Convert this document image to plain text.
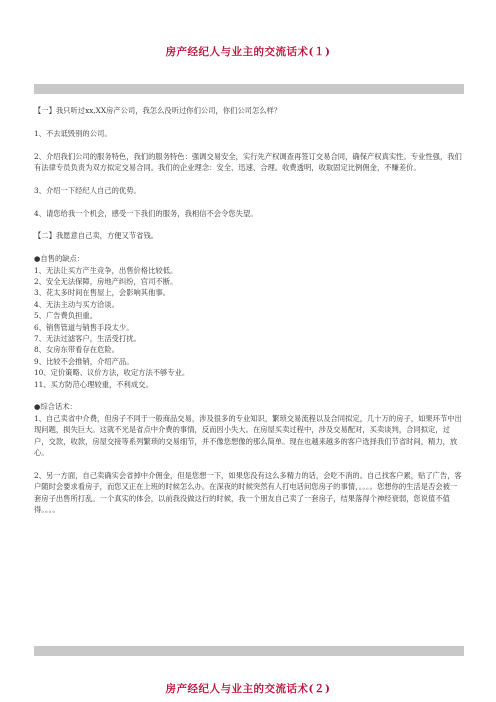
房产经纪人与业主的交流话术(１)

【一】我只听过xx,XX房产公司，我怎么没听过你们公司，你们公司怎么样？

1、不去诋毁别的公司。

2、介绍我们公司的服务特色，我们的服务特色：强调交易安全，实行先产权调查再签订交易合同，确保产权真实性。专业性强，我们有法律专员负责为双方拟定交易合同。我们的企业理念：安全、迅速、合理。收费透明，收取固定比例佣金，不赚差价。

3、介绍一下经纪人自己的优势。

4、请您给我一个机会，感受一下我们的服务，我相信不会令您失望。

【二】我愿意自己卖，方便又节省钱。

●自售的缺点：

1、无法让买方产生竞争，出售价格比较低。

2、安全无法保障，房地产纠纷，官司不断。

3、花太多时间在售屋上，会影响其他事。

4、无法主动与买方洽谈。

5、广告费负担重。

6、销售管道与销售手段太少。

7、无法过滤客户，生活受打扰。

8、女房东带看存在危险。

9、比较不会推销，介绍产品。

10、定价策略、议价方法，收定方法不够专业。

11、买方防范心理较重，不利成交。

●综合话术：

1、自己卖省中介费，但房子不同于一般商品交易，涉及很多的专业知识，繁琐交易流程以及合同拟定，几十万的房子，如果环节中出现问题，损失巨大。这就不光是省点中介费的事情，反而因小失大。在房屋买卖过程中，涉及交易配对，买卖谈判，合同拟定，过户，交款，收款，房屋交接等系列繁琐的交易细节，并不像您想像的那么简单。现在也越来越多的客户选择我们节省时间，精力，放心。

2、另一方面，自己卖确实会省掉中介佣金，但是您想一下，如果您没有这么多精力的话，会吃不消的。自己找客户累，贴了广告，客户随时会要求看房子，而您又正在上班的时候怎么办。在深夜的时候突然有人打电话问您房子的事情，。。。。您想你的生活是否会被一套房子出售所打乱。一个真实的体会，以前我没做这行的时候，我一个朋友自己卖了一套房子，结果落得个神经衰弱，您说值不值得。。。。

房产经纪人与业主的交流话术(２)
